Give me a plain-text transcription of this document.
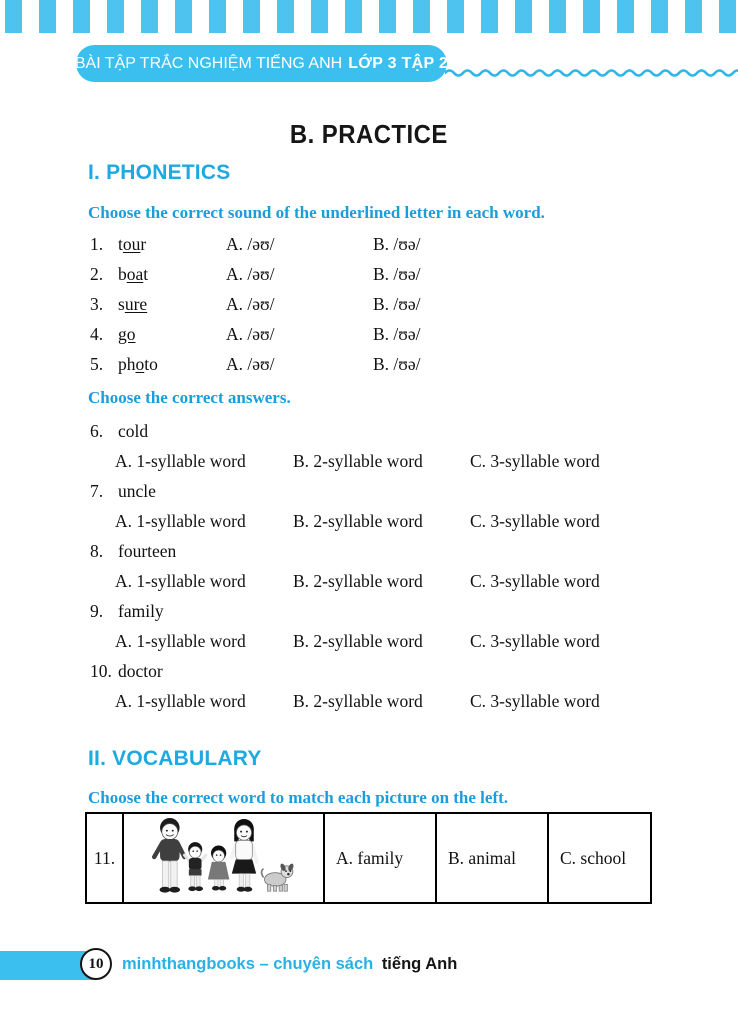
BÀI TẬP TRẮC NGHIỆM TIẾNG ANH LỚP 3 TẬP 2
B. PRACTICE
I. PHONETICS
Choose the correct sound of the underlined letter in each word.
1. tour	A. /əʊ/	B. /ʊə/
2. boat	A. /əʊ/	B. /ʊə/
3. sure	A. /əʊ/	B. /ʊə/
4. go	A. /əʊ/	B. /ʊə/
5. photo	A. /əʊ/	B. /ʊə/
Choose the correct answers.
6. cold
A. 1-syllable word	B. 2-syllable word	C. 3-syllable word
7. uncle
A. 1-syllable word	B. 2-syllable word	C. 3-syllable word
8. fourteen
A. 1-syllable word	B. 2-syllable word	C. 3-syllable word
9. family
A. 1-syllable word	B. 2-syllable word	C. 3-syllable word
10. doctor
A. 1-syllable word	B. 2-syllable word	C. 3-syllable word
II. VOCABULARY
Choose the correct word to match each picture on the left.
11.	A. family	B. animal	C. school
10	minhthangbooks – chuyên sách tiếng Anh
